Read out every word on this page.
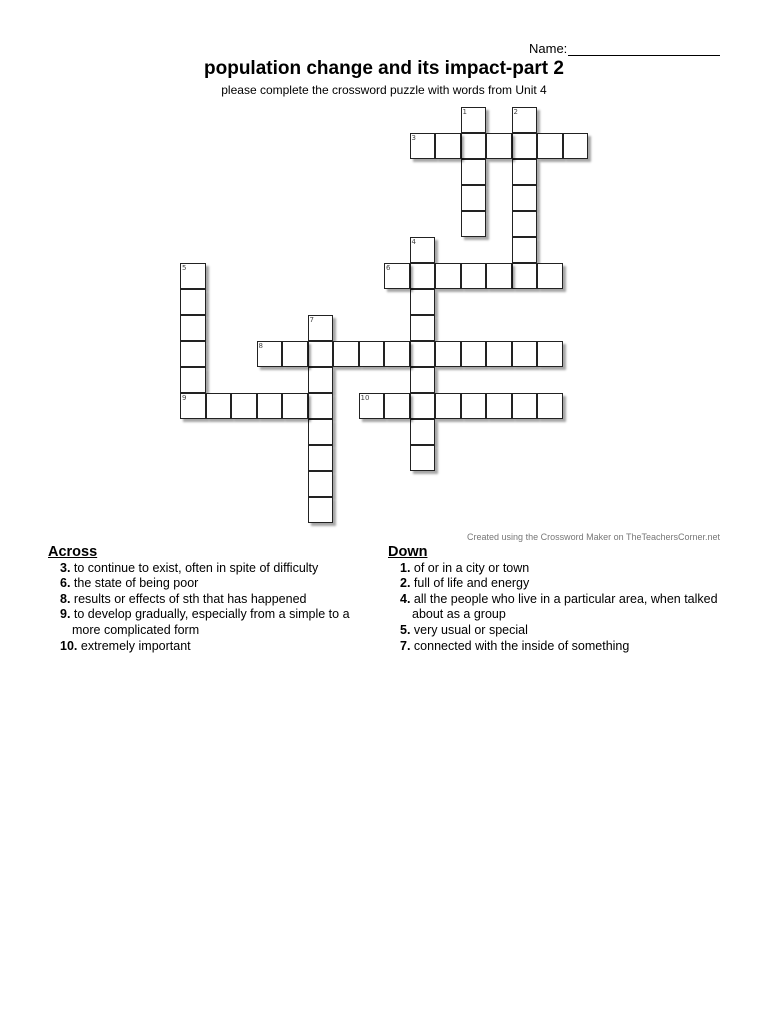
Name:
population change and its impact-part 2
please complete the crossword puzzle with words from Unit 4
1	2
3
4
5
9
6
7
8
10
Created using the Crossword Maker on TheTeachersCorner.net
Across
3. to continue to exist, often in spite of difficulty
6. the state of being poor
8. results or effects of sth that has happened
9. to develop gradually, especially from a simple to a more complicated form
10. extremely important
Down
1. of or in a city or town
2. full of life and energy
4. all the people who live in a particular area, when talked about as a group
5. very usual or special
7. connected with the inside of something
